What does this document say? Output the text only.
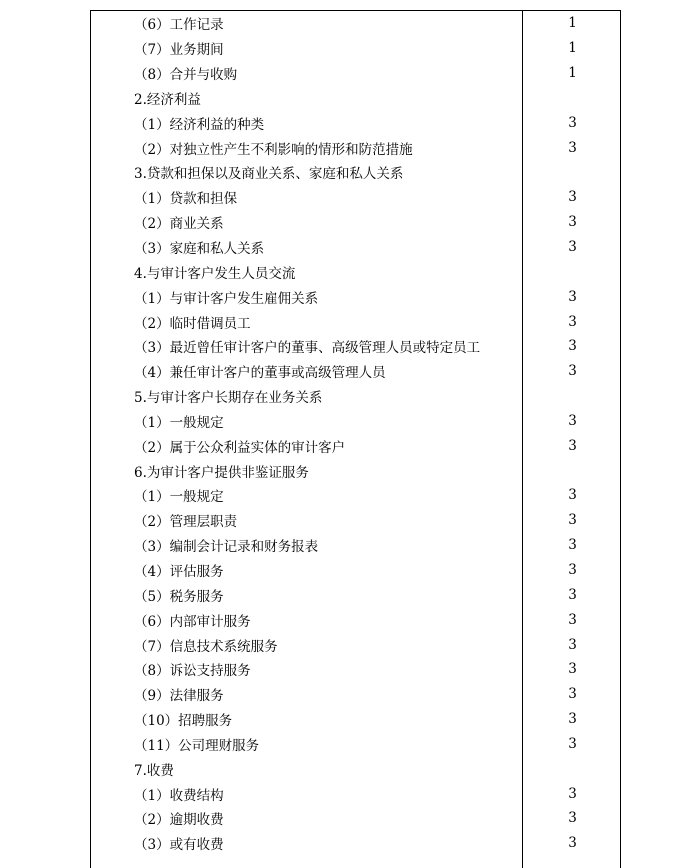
（6）工作记录	1
（7）业务期间	1
（8）合并与收购	1
2.经济利益
（1）经济利益的种类	3
（2）对独立性产生不利影响的情形和防范措施	3
3.贷款和担保以及商业关系、家庭和私人关系
（1）贷款和担保	3
（2）商业关系	3
（3）家庭和私人关系	3
4.与审计客户发生人员交流
（1）与审计客户发生雇佣关系	3
（2）临时借调员工	3
（3）最近曾任审计客户的董事、高级管理人员或特定员工	3
（4）兼任审计客户的董事或高级管理人员	3
5.与审计客户长期存在业务关系
（1）一般规定	3
（2）属于公众利益实体的审计客户	3
6.为审计客户提供非鉴证服务
（1）一般规定	3
（2）管理层职责	3
（3）编制会计记录和财务报表	3
（4）评估服务	3
（5）税务服务	3
（6）内部审计服务	3
（7）信息技术系统服务	3
（8）诉讼支持服务	3
（9）法律服务	3
（10）招聘服务	3
（11）公司理财服务	3
7.收费
（1）收费结构	3
（2）逾期收费	3
（3）或有收费	3
